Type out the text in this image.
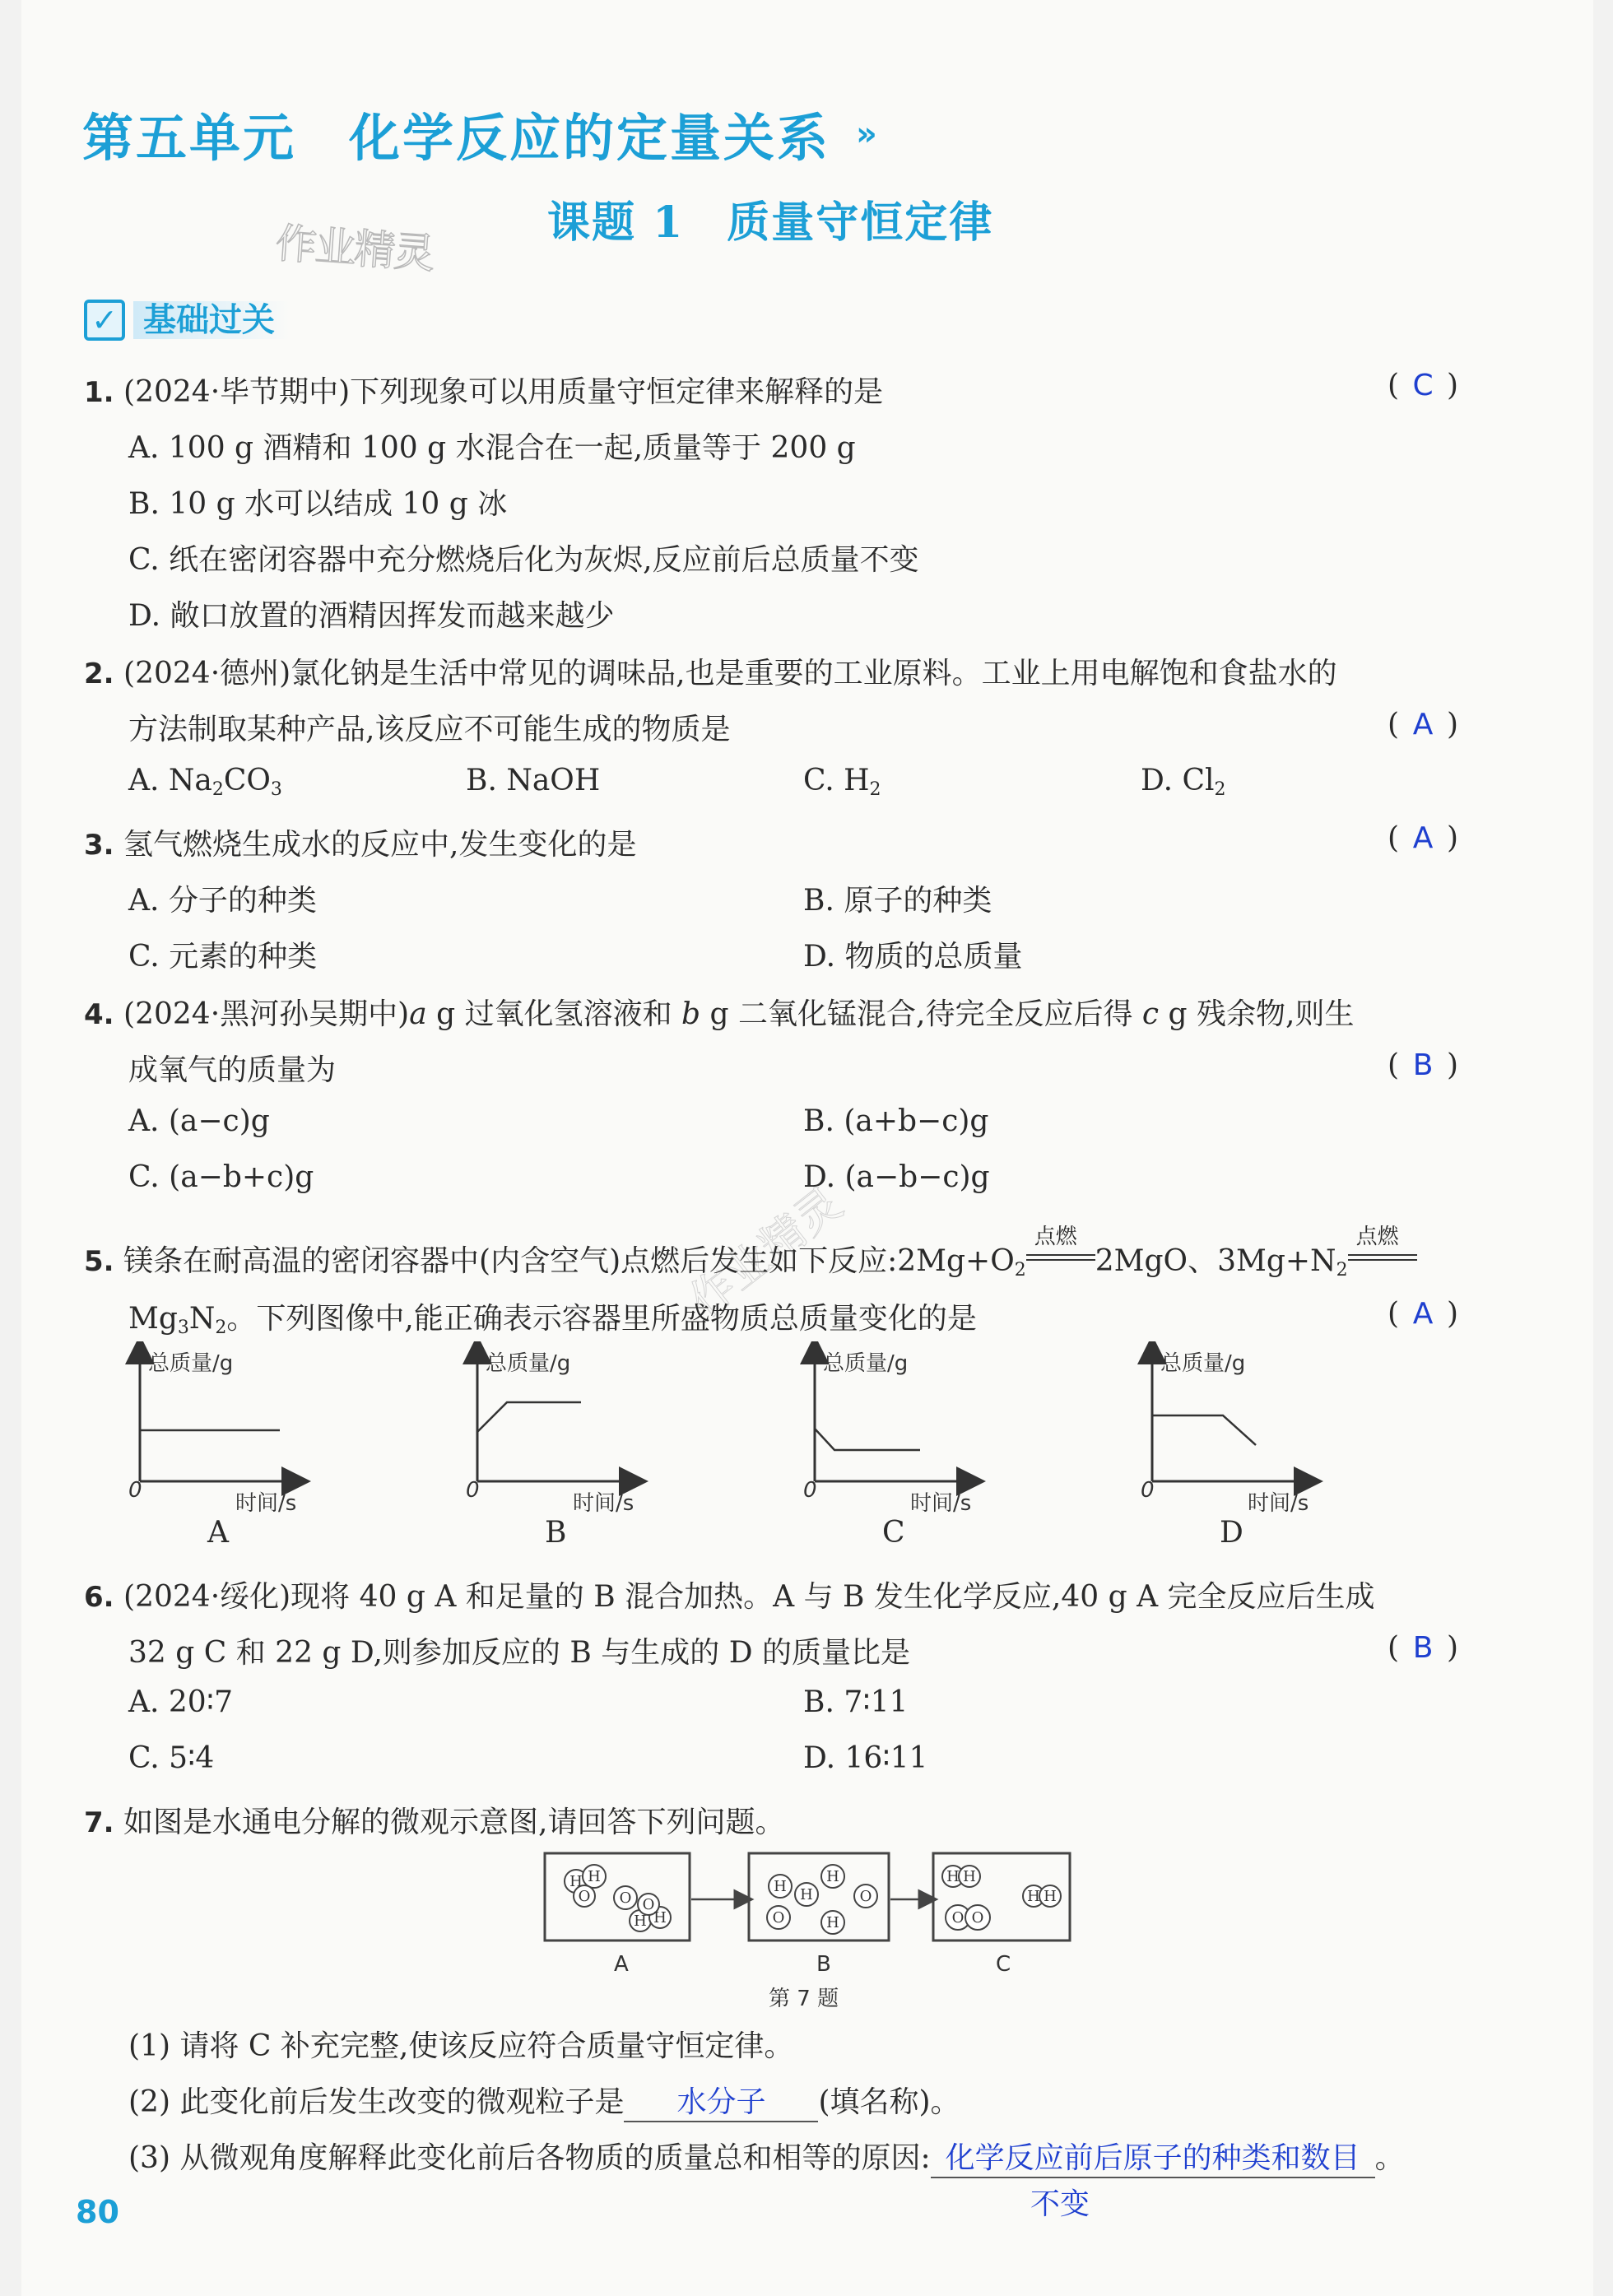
第五单元 化学反应的定量关系 »
课题 1 质量守恒定律
作业精灵
作业精灵
✓ 基础过关
1. (2024·毕节期中)下列现象可以用质量守恒定律来解释的是	( C )
A. 100 g 酒精和 100 g 水混合在一起,质量等于 200 g
B. 10 g 水可以结成 10 g 冰
C. 纸在密闭容器中充分燃烧后化为灰烬,反应前后总质量不变
D. 敞口放置的酒精因挥发而越来越少
2. (2024·德州)氯化钠是生活中常见的调味品,也是重要的工业原料。工业上用电解饱和食盐水的
方法制取某种产品,该反应不可能生成的物质是	( A )
A. $Na_2CO_3$	B. NaOH	C. $H_2$	D. $Cl_2$
3. 氢气燃烧生成水的反应中,发生变化的是	( A )
A. 分子的种类	B. 原子的种类
C. 元素的种类	D. 物质的总质量
4. (2024·黑河孙吴期中)a g 过氧化氢溶液和 b g 二氧化锰混合,待完全反应后得 c g 残余物,则生
成氧气的质量为	( B )
A. (a−c)g	B. (a+b−c)g
C. (a−b+c)g	D. (a−b−c)g
5. 镁条在耐高温的密闭容器中(内含空气)点燃后发生如下反应$:2Mg+O_2$
点燃
2MgO、$3Mg+N_2$
点燃
$Mg_3N_2$。下列图像中,能正确表示容器里所盛物质总质量变化的是	( A )
总质量/g	总质量/g	总质量/g	总质量/g
0	0	0	0
时间/s	时间/s	时间/s	时间/s
A	B	C	D
6. (2024·绥化)现将 40 g A 和足量的 B 混合加热。A 与 B 发生化学反应,40 g A 完全反应后生成
32 g C 和 22 g D,则参加反应的 B 与生成的 D 的质量比是	( B )
A. 20∶7	B. 7∶11
C. 5∶4	D. 16∶11
7. 如图是水通电分解的微观示意图,请回答下列问题。
H H
O O
H H
O
H H
H
O	H
O
H H
H H
O O
A	B	C
第 7 题
(1) 请将 C 补充完整,使该反应符合质量守恒定律。
(2) 此变化前后发生改变的微观粒子是 水分子 (填名称)。
(3) 从微观角度解释此变化前后各物质的质量总和相等的原因: 化学反应前后原子的种类和数目 。
不变
80
